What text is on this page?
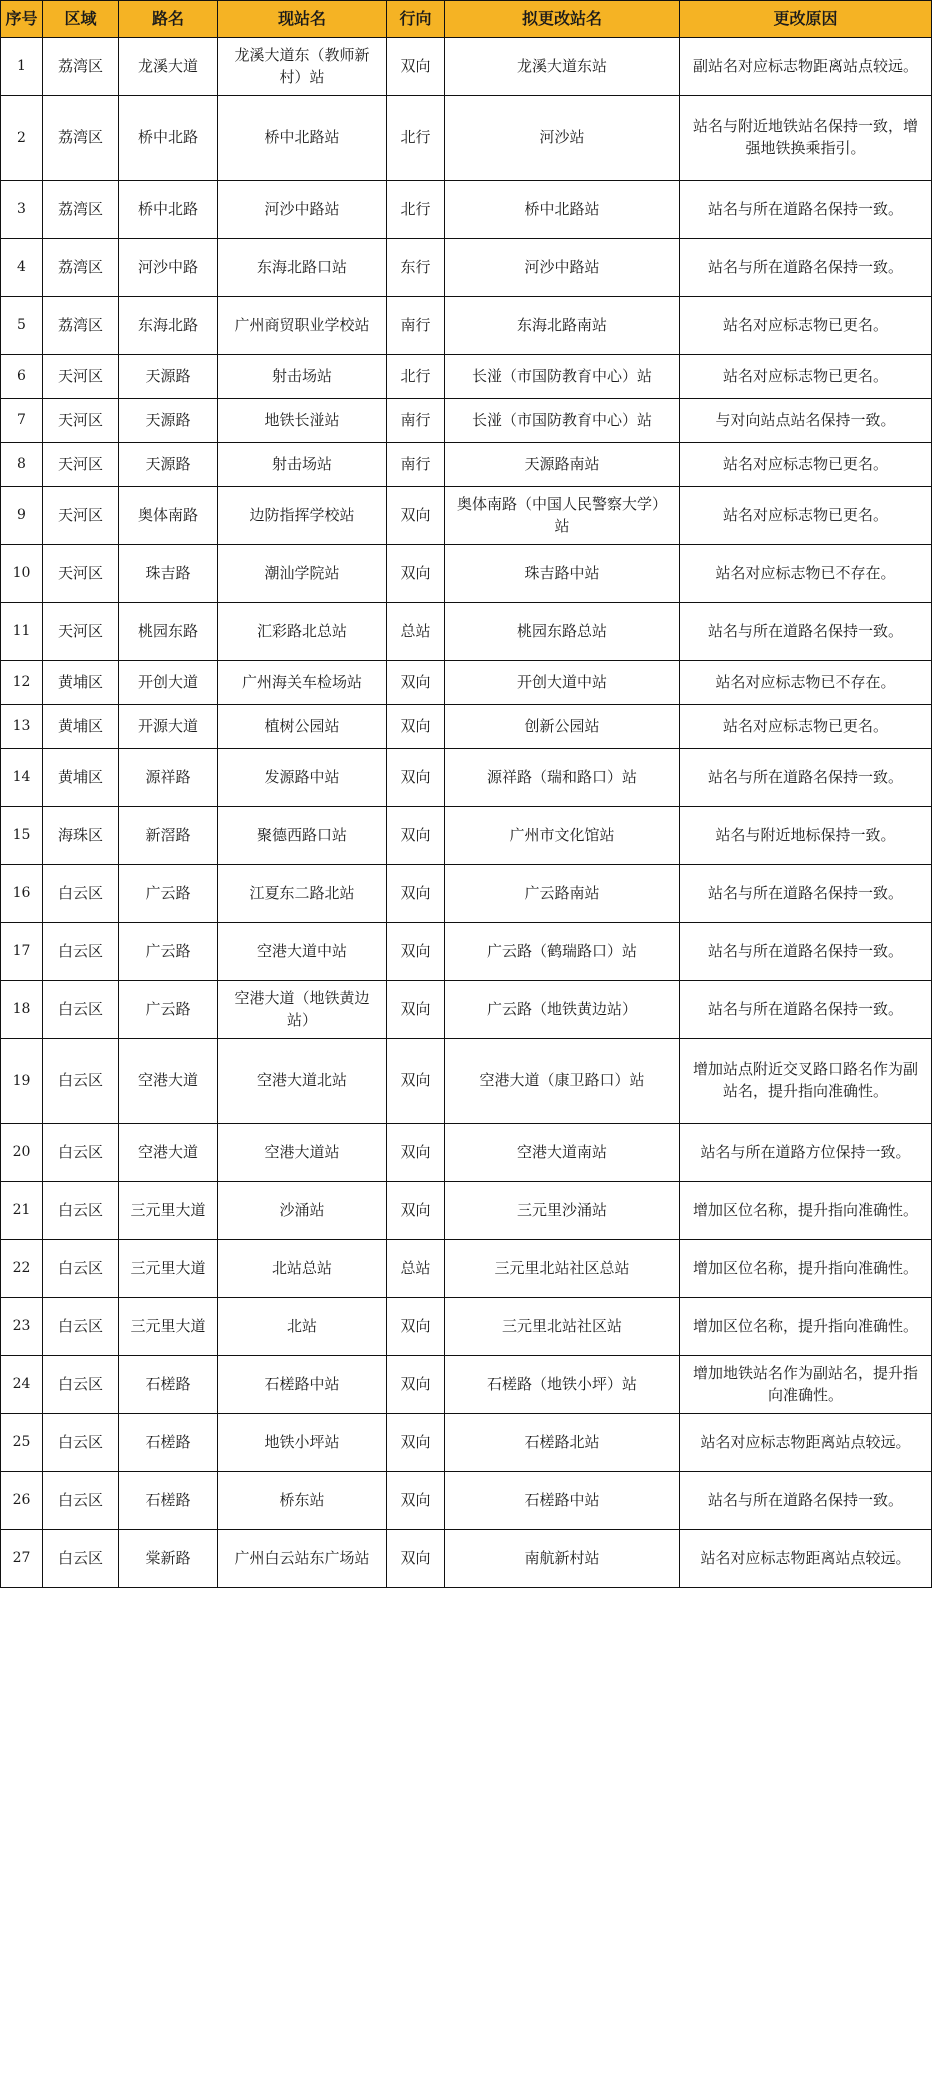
序号	区域	路名	现站名	行向	拟更改站名	更改原因
1	荔湾区	龙溪大道	龙溪大道东（教师新村）站	双向	龙溪大道东站	副站名对应标志物距离站点较远。
2	荔湾区	桥中北路	桥中北路站	北行	河沙站	站名与附近地铁站名保持一致，增强地铁换乘指引。
3	荔湾区	桥中北路	河沙中路站	北行	桥中北路站	站名与所在道路名保持一致。
4	荔湾区	河沙中路	东海北路口站	东行	河沙中路站	站名与所在道路名保持一致。
5	荔湾区	东海北路	广州商贸职业学校站	南行	东海北路南站	站名对应标志物已更名。
6	天河区	天源路	射击场站	北行	长湴（市国防教育中心）站	站名对应标志物已更名。
7	天河区	天源路	地铁长湴站	南行	长湴（市国防教育中心）站	与对向站点站名保持一致。
8	天河区	天源路	射击场站	南行	天源路南站	站名对应标志物已更名。
9	天河区	奥体南路	边防指挥学校站	双向	奥体南路（中国人民警察大学）站	站名对应标志物已更名。
10	天河区	珠吉路	潮汕学院站	双向	珠吉路中站	站名对应标志物已不存在。
11	天河区	桃园东路	汇彩路北总站	总站	桃园东路总站	站名与所在道路名保持一致。
12	黄埔区	开创大道	广州海关车检场站	双向	开创大道中站	站名对应标志物已不存在。
13	黄埔区	开源大道	植树公园站	双向	创新公园站	站名对应标志物已更名。
14	黄埔区	源祥路	发源路中站	双向	源祥路（瑞和路口）站	站名与所在道路名保持一致。
15	海珠区	新滘路	聚德西路口站	双向	广州市文化馆站	站名与附近地标保持一致。
16	白云区	广云路	江夏东二路北站	双向	广云路南站	站名与所在道路名保持一致。
17	白云区	广云路	空港大道中站	双向	广云路（鹤瑞路口）站	站名与所在道路名保持一致。
18	白云区	广云路	空港大道（地铁黄边站）	双向	广云路（地铁黄边站）	站名与所在道路名保持一致。
19	白云区	空港大道	空港大道北站	双向	空港大道（康卫路口）站	增加站点附近交叉路口路名作为副站名，提升指向准确性。
20	白云区	空港大道	空港大道站	双向	空港大道南站	站名与所在道路方位保持一致。
21	白云区	三元里大道	沙涌站	双向	三元里沙涌站	增加区位名称，提升指向准确性。
22	白云区	三元里大道	北站总站	总站	三元里北站社区总站	增加区位名称，提升指向准确性。
23	白云区	三元里大道	北站	双向	三元里北站社区站	增加区位名称，提升指向准确性。
24	白云区	石槎路	石槎路中站	双向	石槎路（地铁小坪）站	增加地铁站名作为副站名，提升指向准确性。
25	白云区	石槎路	地铁小坪站	双向	石槎路北站	站名对应标志物距离站点较远。
26	白云区	石槎路	桥东站	双向	石槎路中站	站名与所在道路名保持一致。
27	白云区	棠新路	广州白云站东广场站	双向	南航新村站	站名对应标志物距离站点较远。
